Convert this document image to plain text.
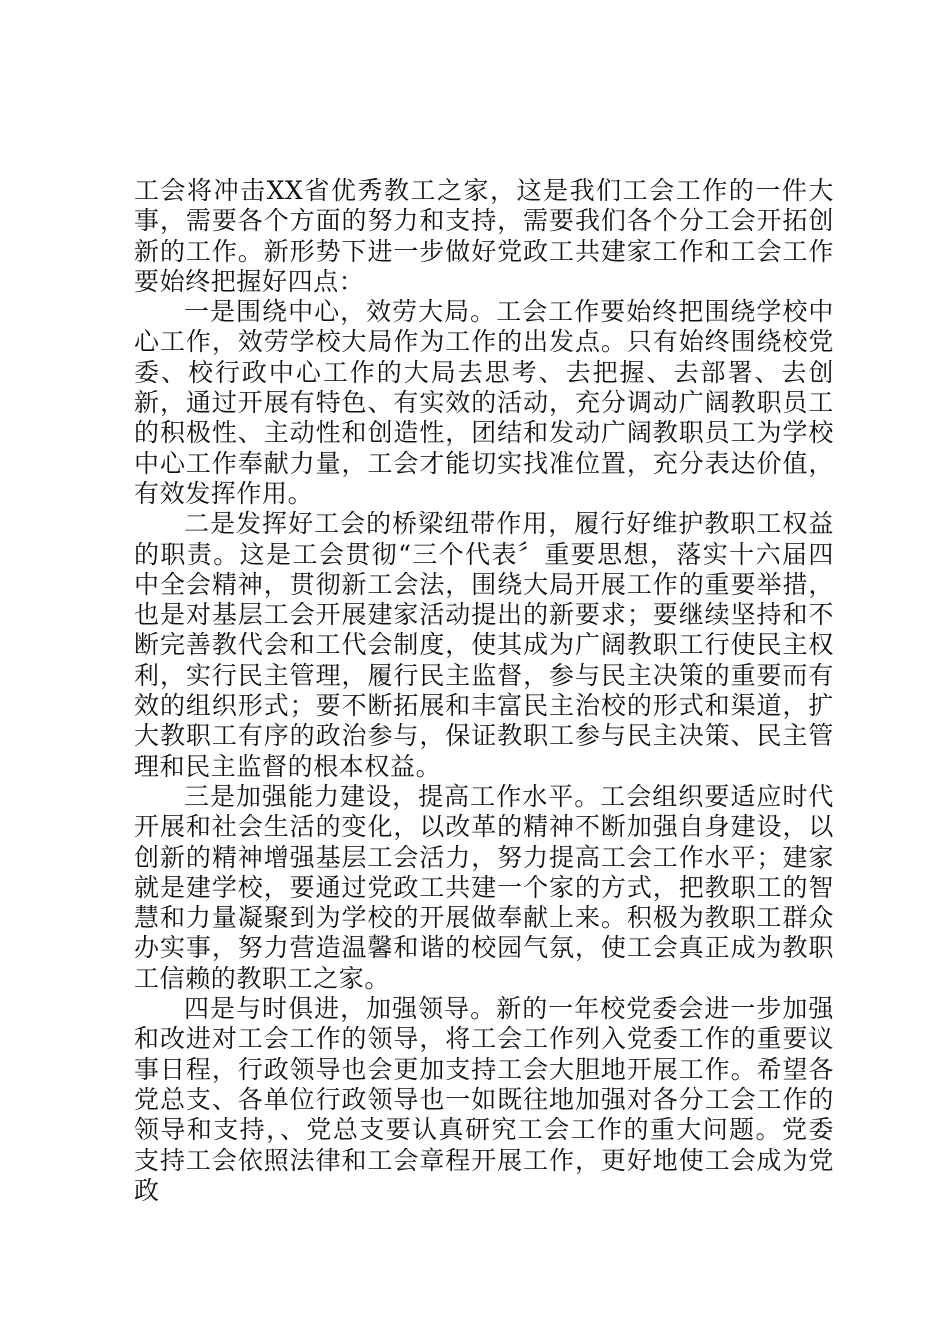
工会将冲击XX省优秀教工之家，这是我们工会工作的一件大事，需要各个方面的努力和支持，需要我们各个分工会开拓创新的工作。新形势下进一步做好党政工共建家工作和工会工作要始终把握好四点：

一是围绕中心，效劳大局。工会工作要始终把围绕学校中心工作，效劳学校大局作为工作的出发点。只有始终围绕校党委、校行政中心工作的大局去思考、去把握、去部署、去创新，通过开展有特色、有实效的活动，充分调动广阔教职员工的积极性、主动性和创造性，团结和发动广阔教职员工为学校中心工作奉献力量，工会才能切实找准位置，充分表达价值，有效发挥作用。

二是发挥好工会的桥梁纽带作用，履行好维护教职工权益的职责。这是工会贯彻“三个代表〞重要思想，落实十六届四中全会精神，贯彻新工会法，围绕大局开展工作的重要举措，也是对基层工会开展建家活动提出的新要求；要继续坚持和不断完善教代会和工代会制度，使其成为广阔教职工行使民主权利，实行民主管理，履行民主监督，参与民主决策的重要而有效的组织形式；要不断拓展和丰富民主治校的形式和渠道，扩大教职工有序的政治参与，保证教职工参与民主决策、民主管理和民主监督的根本权益。

三是加强能力建设，提高工作水平。工会组织要适应时代开展和社会生活的变化，以改革的精神不断加强自身建设，以创新的精神增强基层工会活力，努力提高工会工作水平；建家就是建学校，要通过党政工共建一个家的方式，把教职工的智慧和力量凝聚到为学校的开展做奉献上来。积极为教职工群众办实事，努力营造温馨和谐的校园气氛，使工会真正成为教职工信赖的教职工之家。

四是与时俱进，加强领导。新的一年校党委会进一步加强和改进对工会工作的领导，将工会工作列入党委工作的重要议事日程，行政领导也会更加支持工会大胆地开展工作。希望各党总支、各单位行政领导也一如既往地加强对各分工会工作的领导和支持，、党总支要认真研究工会工作的重大问题。党委支持工会依照法律和工会章程开展工作，更好地使工会成为党政
